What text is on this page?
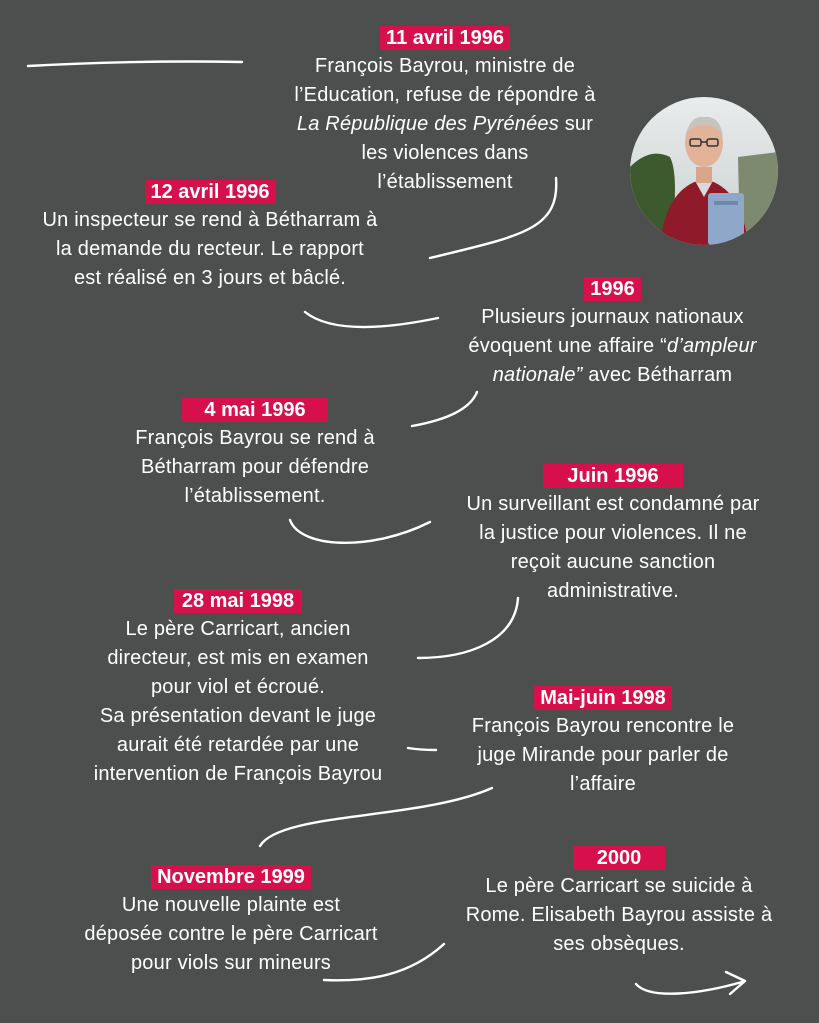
11 avril 1996
François Bayrou, ministre de
l’Education, refuse de répondre à
La République des Pyrénées sur
les violences dans
l’établissement
12 avril 1996
Un inspecteur se rend à Bétharram à
la demande du recteur. Le rapport
est réalisé en 3 jours et bâclé.	1996
Plusieurs journaux nationaux
évoquent une affaire “d’ampleur
nationale” avec Bétharram
4 mai 1996
François Bayrou se rend à
Bétharram pour défendre
l’établissement.
Juin 1996
Un surveillant est condamné par
la justice pour violences. Il ne
reçoit aucune sanction
administrative.
28 mai 1998
Le père Carricart, ancien
directeur, est mis en examen
pour viol et écroué.
Sa présentation devant le juge
aurait été retardée par une
intervention de François Bayrou
Mai-juin 1998
François Bayrou rencontre le
juge Mirande pour parler de
l’affaire
Novembre 1999
Une nouvelle plainte est
déposée contre le père Carricart
pour viols sur mineurs
2000
Le père Carricart se suicide à
Rome. Elisabeth Bayrou assiste à
ses obsèques.
